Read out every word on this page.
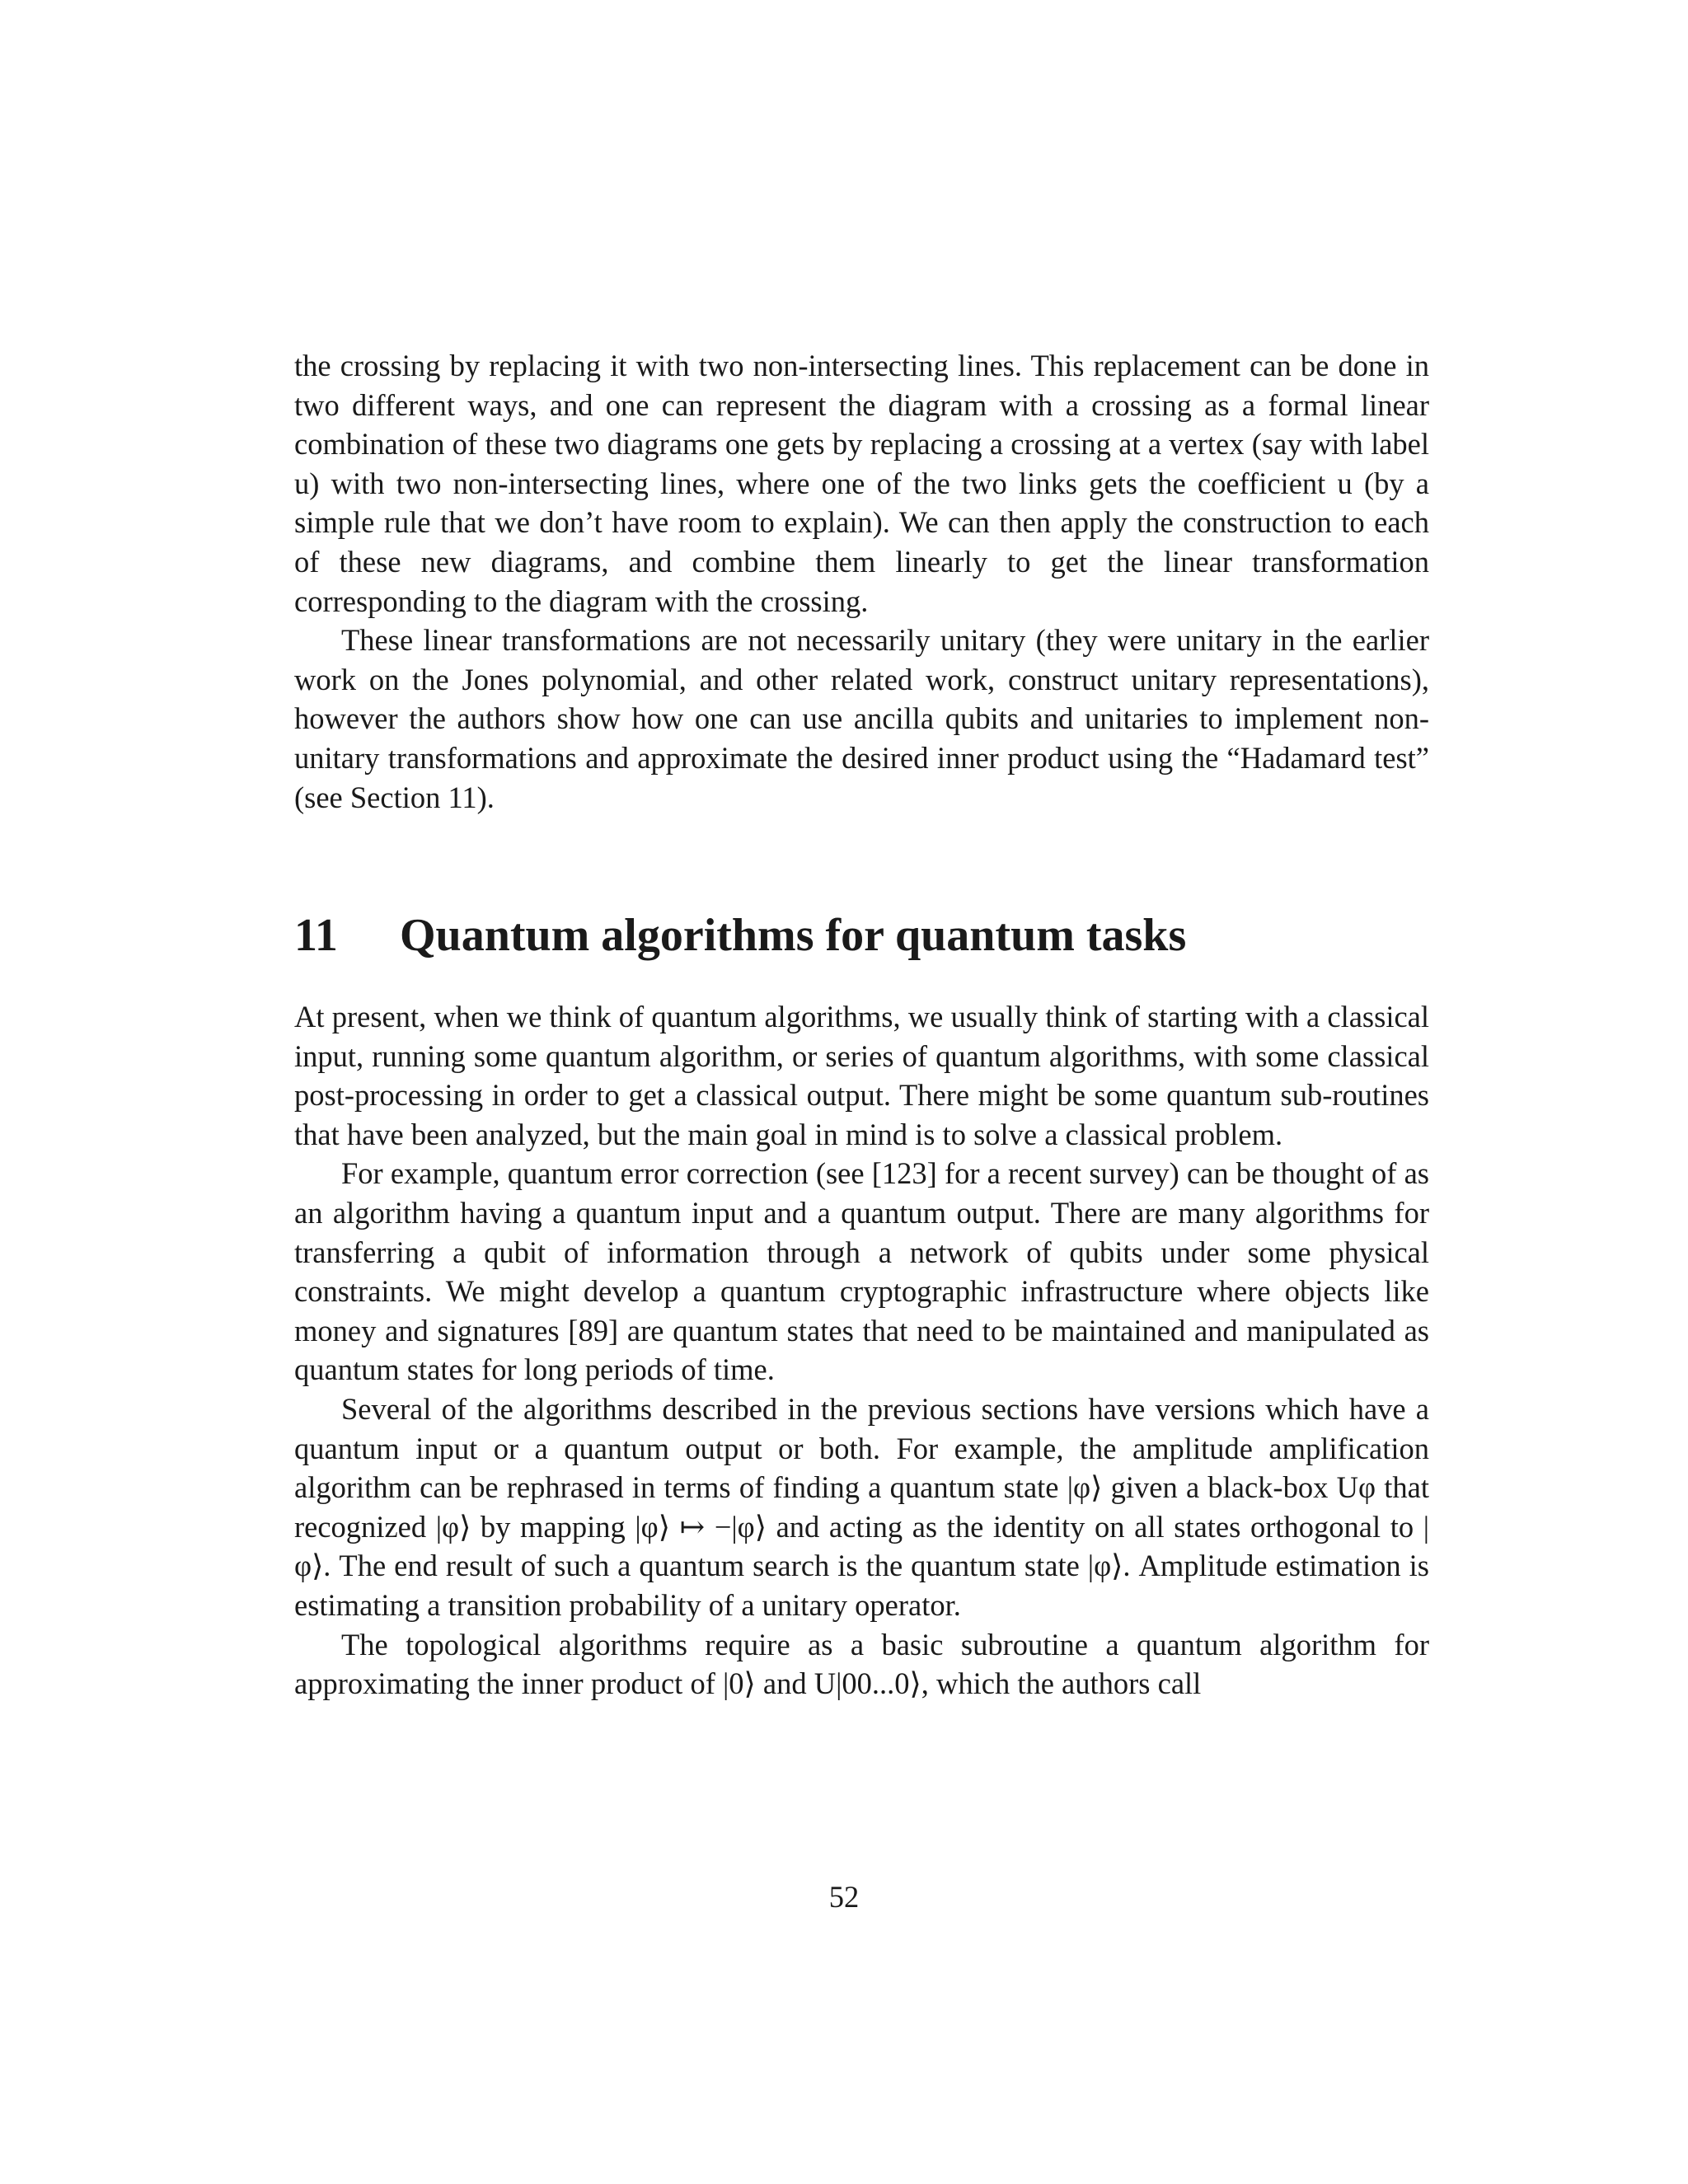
the crossing by replacing it with two non-intersecting lines. This replacement can be done in two different ways, and one can represent the diagram with a crossing as a formal linear combination of these two diagrams one gets by replacing a crossing at a vertex (say with label u) with two non-intersecting lines, where one of the two links gets the coefficient u (by a simple rule that we don’t have room to explain). We can then apply the construction to each of these new diagrams, and combine them linearly to get the linear transformation corresponding to the diagram with the crossing.

These linear transformations are not necessarily unitary (they were unitary in the earlier work on the Jones polynomial, and other related work, construct unitary representations), however the authors show how one can use ancilla qubits and unitaries to implement non-unitary transformations and approximate the desired inner product using the “Hadamard test” (see Section 11).

11 Quantum algorithms for quantum tasks

At present, when we think of quantum algorithms, we usually think of starting with a classical input, running some quantum algorithm, or series of quantum algorithms, with some classical post-processing in order to get a classical output. There might be some quantum sub-routines that have been analyzed, but the main goal in mind is to solve a classical problem.

For example, quantum error correction (see [123] for a recent survey) can be thought of as an algorithm having a quantum input and a quantum output. There are many algorithms for transferring a qubit of information through a network of qubits under some physical constraints. We might develop a quantum cryptographic infrastructure where objects like money and signatures [89] are quantum states that need to be maintained and manipulated as quantum states for long periods of time.

Several of the algorithms described in the previous sections have versions which have a quantum input or a quantum output or both. For example, the amplitude amplification algorithm can be rephrased in terms of finding a quantum state |φ⟩ given a black-box Uφ that recognized |φ⟩ by mapping |φ⟩ ↦ −|φ⟩ and acting as the identity on all states orthogonal to |φ⟩. The end result of such a quantum search is the quantum state |φ⟩. Amplitude estimation is estimating a transition probability of a unitary operator.

The topological algorithms require as a basic subroutine a quantum algorithm for approximating the inner product of |0⟩ and U|00...0⟩, which the authors call

52
